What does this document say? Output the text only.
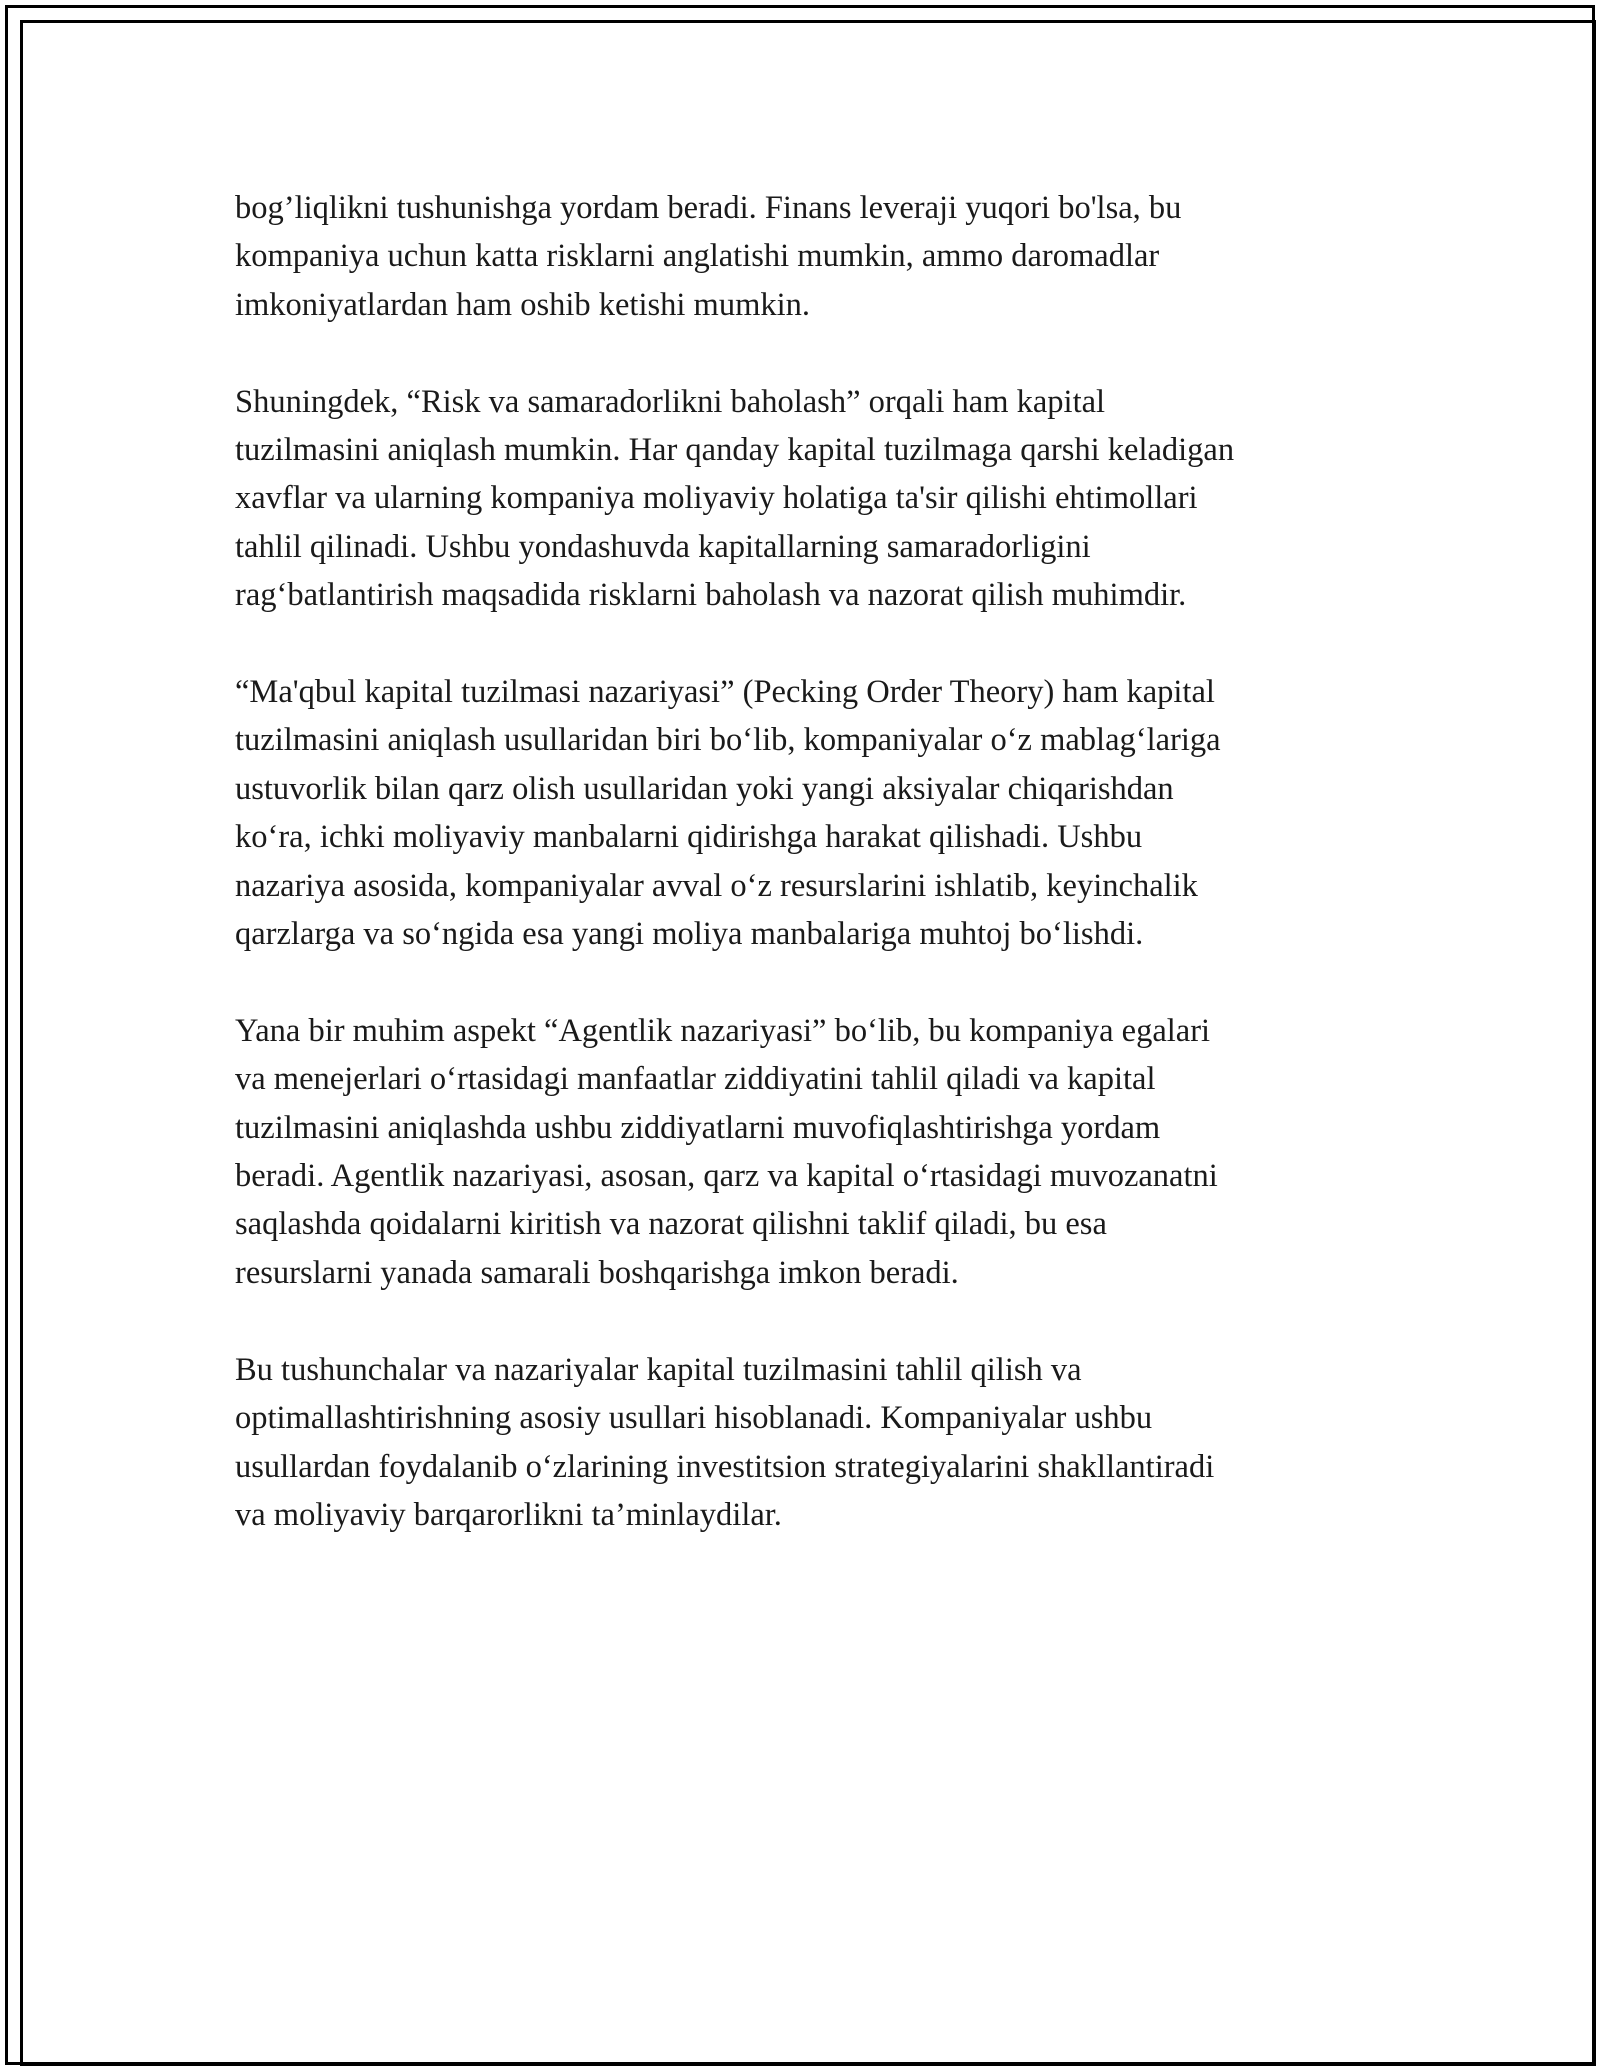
bog’liqlikni tushunishga yordam beradi. Finans leveraji yuqori bo'lsa, bu
kompaniya uchun katta risklarni anglatishi mumkin, ammo daromadlar
imkoniyatlardan ham oshib ketishi mumkin.
Shuningdek, “Risk va samaradorlikni baholash” orqali ham kapital
tuzilmasini aniqlash mumkin. Har qanday kapital tuzilmaga qarshi keladigan
xavflar va ularning kompaniya moliyaviy holatiga ta'sir qilishi ehtimollari
tahlil qilinadi. Ushbu yondashuvda kapitallarning samaradorligini
rag‘batlantirish maqsadida risklarni baholash va nazorat qilish muhimdir.
“Ma'qbul kapital tuzilmasi nazariyasi” (Pecking Order Theory) ham kapital
tuzilmasini aniqlash usullaridan biri bo‘lib, kompaniyalar o‘z mablag‘lariga
ustuvorlik bilan qarz olish usullaridan yoki yangi aksiyalar chiqarishdan
ko‘ra, ichki moliyaviy manbalarni qidirishga harakat qilishadi. Ushbu
nazariya asosida, kompaniyalar avval o‘z resurslarini ishlatib, keyinchalik
qarzlarga va so‘ngida esa yangi moliya manbalariga muhtoj bo‘lishdi.
Yana bir muhim aspekt “Agentlik nazariyasi” bo‘lib, bu kompaniya egalari
va menejerlari o‘rtasidagi manfaatlar ziddiyatini tahlil qiladi va kapital
tuzilmasini aniqlashda ushbu ziddiyatlarni muvofiqlashtirishga yordam
beradi. Agentlik nazariyasi, asosan, qarz va kapital o‘rtasidagi muvozanatni
saqlashda qoidalarni kiritish va nazorat qilishni taklif qiladi, bu esa
resurslarni yanada samarali boshqarishga imkon beradi.
Bu tushunchalar va nazariyalar kapital tuzilmasini tahlil qilish va
optimallashtirishning asosiy usullari hisoblanadi. Kompaniyalar ushbu
usullardan foydalanib o‘zlarining investitsion strategiyalarini shakllantiradi
va moliyaviy barqarorlikni ta’minlaydilar.
